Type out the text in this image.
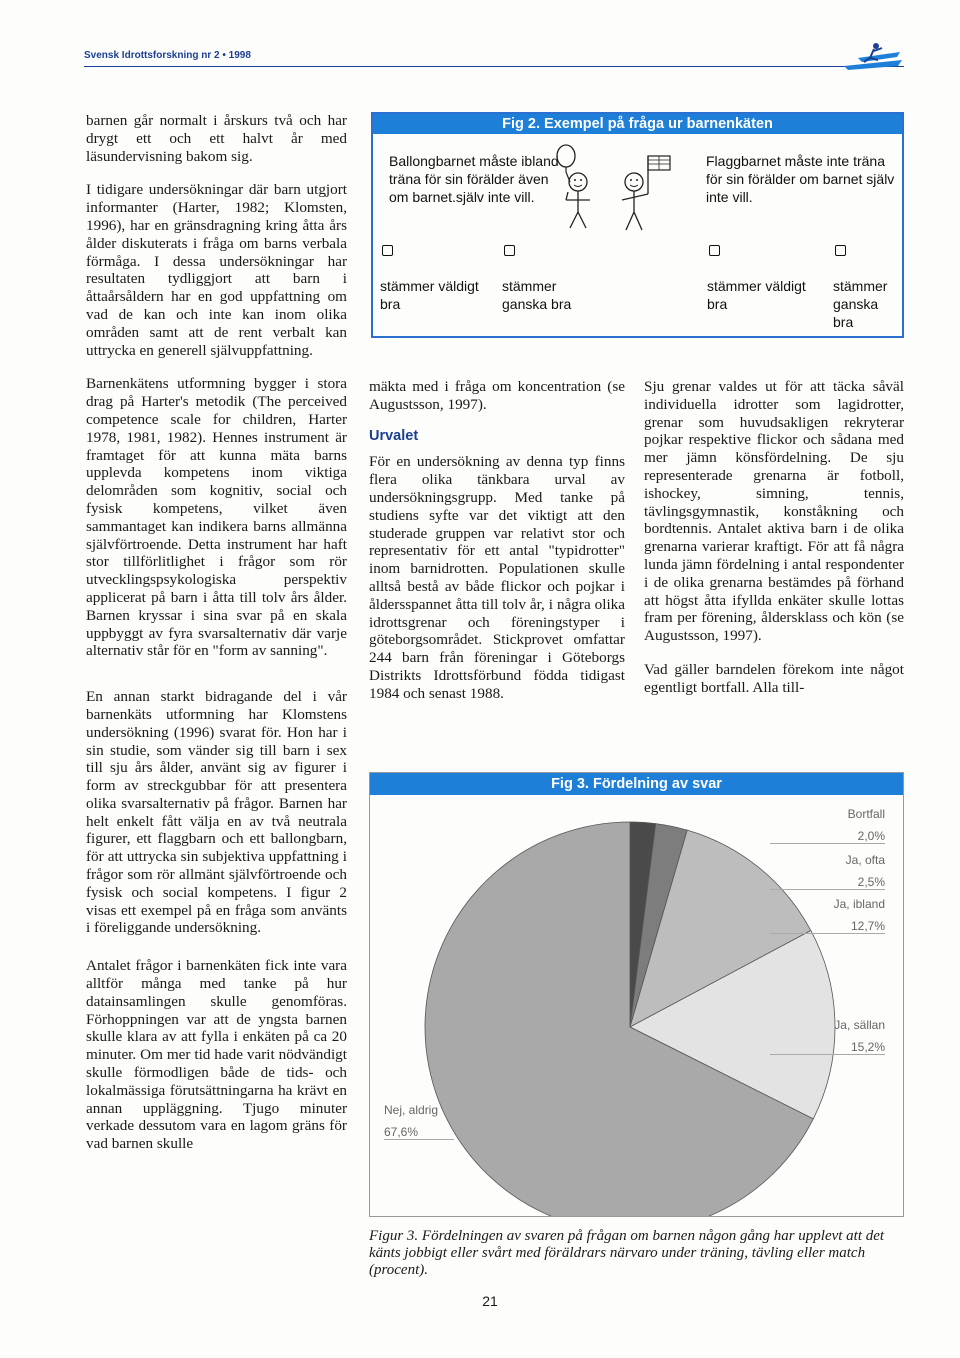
Svensk Idrottsforskning nr 2 • 1998

barnen går normalt i årskurs två och har drygt ett och ett halvt år med läsundervisning bakom sig.

I tidigare undersökningar där barn utgjort informanter (Harter, 1982; Klomsten, 1996), har en gränsdragning kring åtta års ålder diskuterats i fråga om barns verbala förmåga. I dessa undersökningar har resultaten tydliggjort att barn i åttaårsåldern har en god uppfattning om vad de kan och inte kan inom olika områden samt att de rent verbalt kan uttrycka en generell självuppfattning.

Barnenkätens utformning bygger i stora drag på Harter's metodik (The perceived competence scale for children, Harter 1978, 1981, 1982). Hennes instrument är framtaget för att kunna mäta barns upplevda kompetens inom viktiga delområden som kognitiv, social och fysisk kompetens, vilket även sammantaget kan indikera barns allmänna självförtroende. Detta instrument har haft stor tillförlitlighet i frågor som rör utvecklingspsykologiska perspektiv applicerat på barn i åtta till tolv års ålder. Barnen kryssar i sina svar på en skala uppbyggt av fyra svarsalternativ där varje alternativ står för en "form av sanning".

En annan starkt bidragande del i vår barnenkäts utformning har Klomstens undersökning (1996) svarat för. Hon har i sin studie, som vänder sig till barn i sex till sju års ålder, använt sig av figurer i form av streckgubbar för att presentera olika svarsalternativ på frågor. Barnen har helt enkelt fått välja en av två neutrala figurer, ett flaggbarn och ett ballongbarn, för att uttrycka sin subjektiva uppfattning i frågor som rör allmänt självförtroende och fysisk och social kompetens. I figur 2 visas ett exempel på en fråga som använts i föreliggande undersökning.

Antalet frågor i barnenkäten fick inte vara alltför många med tanke på hur datainsamlingen skulle genomföras. Förhoppningen var att de yngsta barnen skulle klara av att fylla i enkäten på ca 20 minuter. Om mer tid hade varit nödvändigt skulle förmodligen både de tids- och lokalmässiga förutsättningarna ha krävt en annan uppläggning. Tjugo minuter verkade dessutom vara en lagom gräns för vad barnen skulle

Fig 2. Exempel på fråga ur barnenkäten
Ballongbarnet måste ibland träna för sin förälder även om barnet.själv inte vill.
Flaggbarnet måste inte träna för sin förälder om barnet själv inte vill.
stämmer väldigt bra
stämmer ganska bra
stämmer väldigt bra
stämmer ganska bra

mäkta med i fråga om koncentration (se Augustsson, 1997).

Urvalet

För en undersökning av denna typ finns flera olika tänkbara urval av undersökningsgrupp. Med tanke på studiens syfte var det viktigt att den studerade gruppen var relativt stor och representativ för ett antal "typidrotter" inom barnidrotten. Populationen skulle alltså bestå av både flickor och pojkar i åldersspannet åtta till tolv år, i några olika idrottsgrenar och föreningstyper i göteborgsområdet. Stickprovet omfattar 244 barn från föreningar i Göteborgs Distrikts Idrottsförbund födda tidigast 1984 och senast 1988.

Sju grenar valdes ut för att täcka såväl individuella idrotter som lagidrotter, grenar som huvudsakligen rekryterar pojkar respektive flickor och sådana med mer jämn könsfördelning. De sju representerade grenarna är fotboll, ishockey, simning, tennis, tävlingsgymnastik, konståkning och bordtennis. Antalet aktiva barn i de olika grenarna varierar kraftigt. För att få några lunda jämn fördelning i antal respondenter i de olika grenarna bestämdes på förhand att högst åtta ifyllda enkäter skulle lottas fram per förening, åldersklass och kön (se Augustsson, 1997).

Vad gäller barndelen förekom inte något egentligt bortfall. Alla till-

Fig 3. Fördelning av svar
Bortfall
2,0%
Ja, ofta
2,5%
Ja, ibland
12,7%
Ja, sällan
15,2%
Nej, aldrig
67,6%
Figur 3. Fördelningen av svaren på frågan om barnen någon gång har upplevt att det känts jobbigt eller svårt med föräldrars närvaro under träning, tävling eller match (procent).
21
